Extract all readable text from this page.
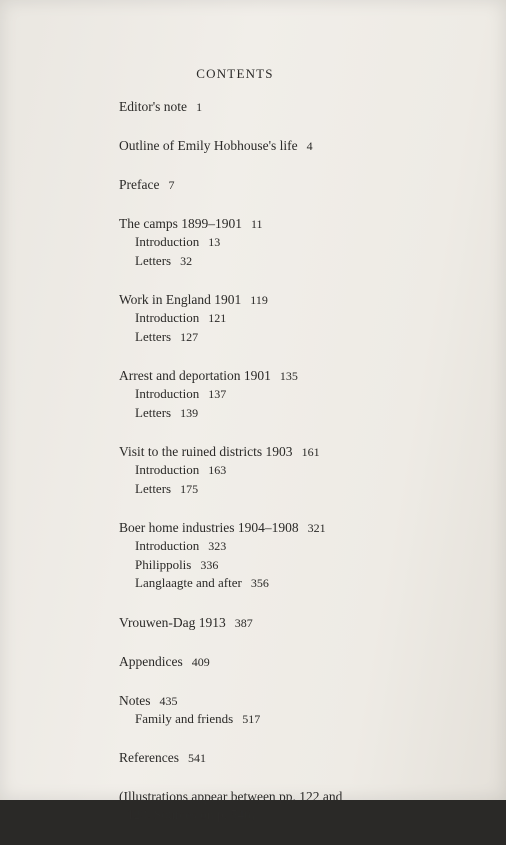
CONTENTS
Editor's note 1
Outline of Emily Hobhouse's life 4
Preface 7
The camps 1899–1901 11
Introduction 13
Letters 32
Work in England 1901 119
Introduction 121
Letters 127
Arrest and deportation 1901 135
Introduction 137
Letters 139
Visit to the ruined districts 1903 161
Introduction 163
Letters 175
Boer home industries 1904–1908 321
Introduction 323
Philippolis 336
Langlaagte and after 356
Vrouwen-Dag 1913 387
Appendices 409
Notes 435
Family and friends 517
References 541
(Illustrations appear between pp. 122 and
123. Sources on p. 546)
